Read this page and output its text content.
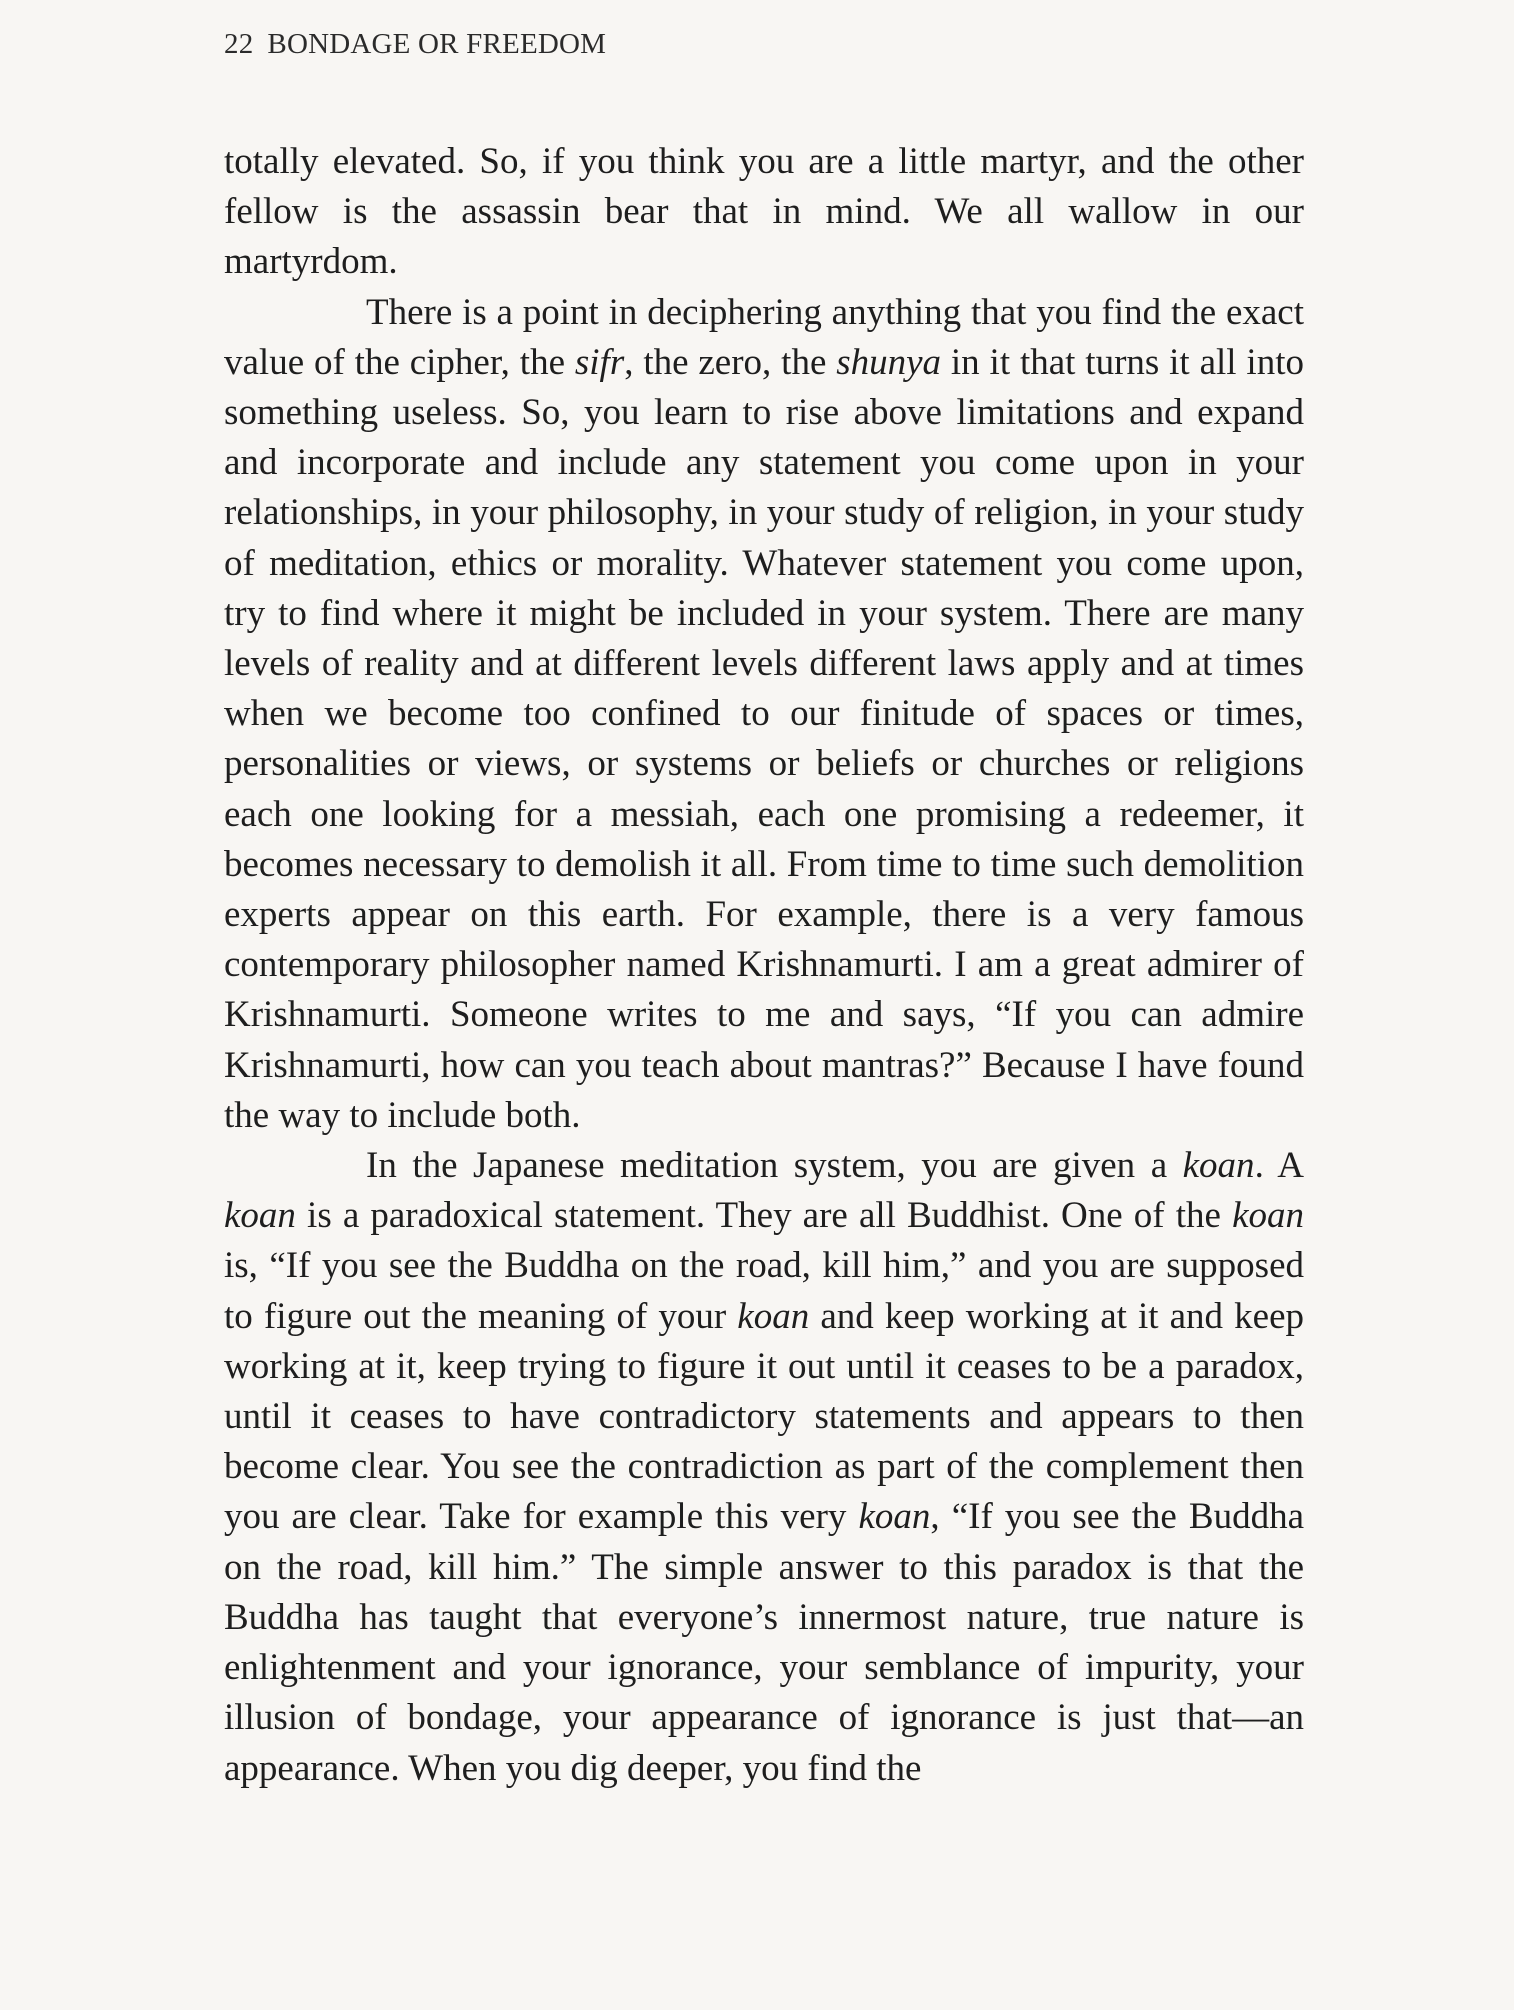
22 BONDAGE OR FREEDOM

totally elevated. So, if you think you are a little martyr, and the other fellow is the assassin bear that in mind. We all wallow in our martyrdom.

There is a point in deciphering anything that you find the exact value of the cipher, the sifr, the zero, the shunya in it that turns it all into something useless. So, you learn to rise above limitations and expand and incorporate and include any statement you come upon in your relationships, in your philosophy, in your study of religion, in your study of meditation, ethics or morality. Whatever statement you come upon, try to find where it might be included in your system. There are many levels of reality and at different levels different laws apply and at times when we become too confined to our finitude of spaces or times, personalities or views, or systems or beliefs or churches or religions each one looking for a messiah, each one promising a redeemer, it becomes necessary to demolish it all. From time to time such demolition experts appear on this earth. For example, there is a very famous contemporary philosopher named Krishnamurti. I am a great admirer of Krishnamurti. Someone writes to me and says, “If you can admire Krishnamurti, how can you teach about mantras?” Because I have found the way to include both.

In the Japanese meditation system, you are given a koan. A koan is a paradoxical statement. They are all Buddhist. One of the koan is, “If you see the Buddha on the road, kill him,” and you are supposed to figure out the meaning of your koan and keep working at it and keep working at it, keep trying to figure it out until it ceases to be a paradox, until it ceases to have contradictory statements and appears to then become clear. You see the contradiction as part of the complement then you are clear. Take for example this very koan, “If you see the Buddha on the road, kill him.” The simple answer to this paradox is that the Buddha has taught that everyone’s innermost nature, true nature is enlightenment and your ignorance, your semblance of impurity, your illusion of bondage, your appearance of ignorance is just that—an appearance. When you dig deeper, you find the
